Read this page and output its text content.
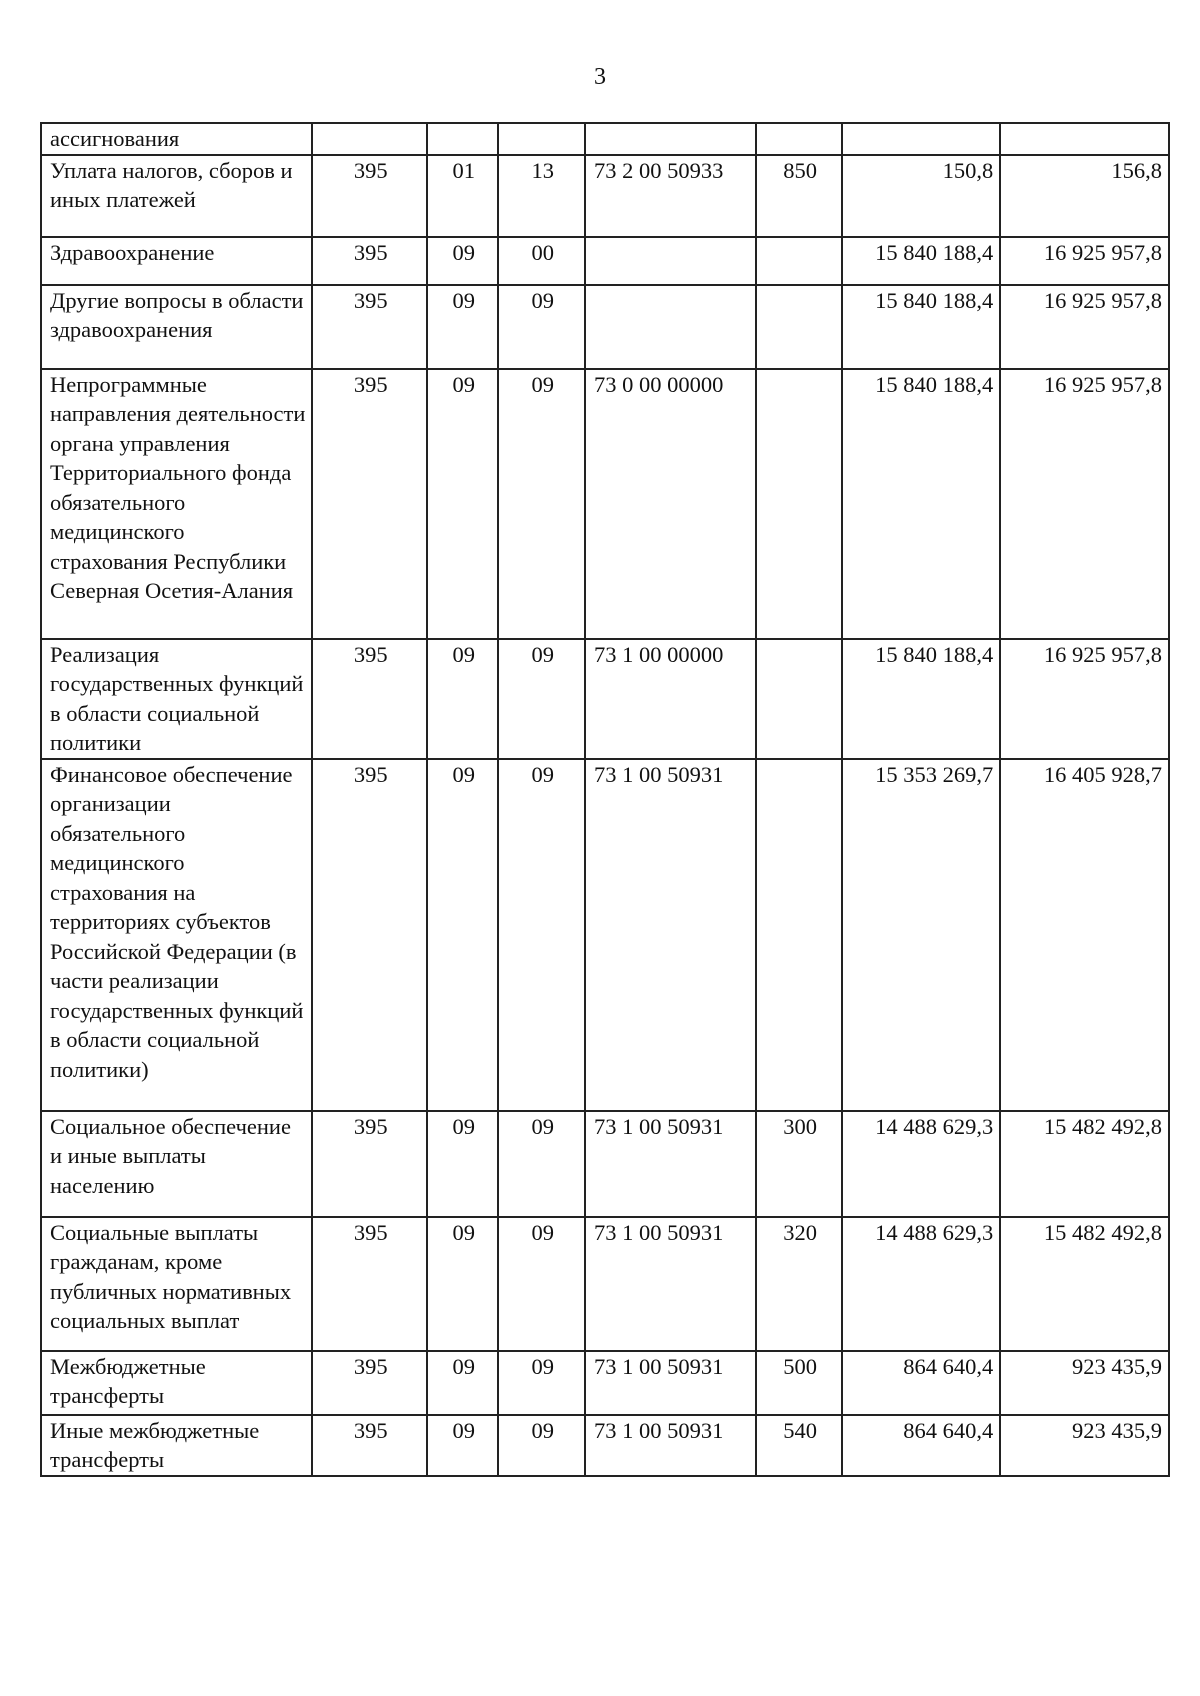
3
ассигнования							
Уплата налогов, сборов и иных платежей	395	01	13	73 2 00 50933	850	150,8	156,8
Здравоохранение	395	09	00			15 840 188,4	16 925 957,8
Другие вопросы в области здравоохранения	395	09	09			15 840 188,4	16 925 957,8
Непрограммные направления деятельности органа управления Территориального фонда обязательного медицинского страхования Республики Северная Осетия-Алания	395	09	09	73 0 00 00000		15 840 188,4	16 925 957,8
Реализация государственных функций в области социальной политики	395	09	09	73 1 00 00000		15 840 188,4	16 925 957,8
Финансовое обеспечение организации обязательного медицинского страхования на территориях субъектов Российской Федерации (в части реализации государственных функций в области социальной политики)	395	09	09	73 1 00 50931		15 353 269,7	16 405 928,7
Социальное обеспечение и иные выплаты населению	395	09	09	73 1 00 50931	300	14 488 629,3	15 482 492,8
Социальные выплаты гражданам, кроме публичных нормативных социальных выплат	395	09	09	73 1 00 50931	320	14 488 629,3	15 482 492,8
Межбюджетные трансферты	395	09	09	73 1 00 50931	500	864 640,4	923 435,9
Иные межбюджетные трансферты	395	09	09	73 1 00 50931	540	864 640,4	923 435,9
